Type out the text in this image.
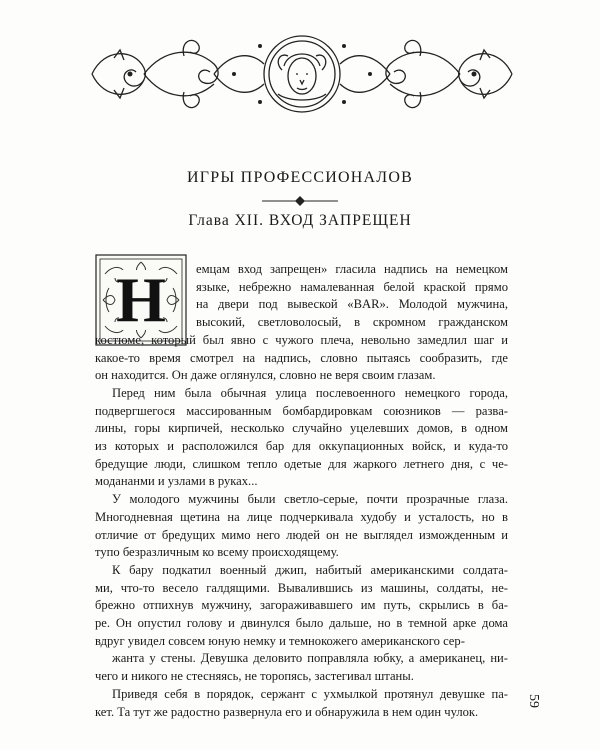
ИГРЫ ПРОФЕССИОНАЛОВ
Глава XII. ВХОД ЗАПРЕЩЕН
Н
59
емцам вход запрещен» гласила надпись на немецком
языке, небрежно намалеванная белой краской прямо
на двери под вывеской «BAR». Молодой мужчина,
высокий, светловолосый, в скромном гражданском
костюме, который был явно с чужого плеча, невольно замедлил шаг и
какое-то время смотрел на надпись, словно пытаясь сообразить, где
он находится. Он даже оглянулся, словно не веря своим глазам.
Перед ним была обычная улица послевоенного немецкого города,
подвергшегося массированным бомбардировкам союзников — разва-
лины, горы кирпичей, несколько случайно уцелевших домов, в одном
из которых и расположился бар для оккупационных войск, и куда-то
бредущие люди, слишком тепло одетые для жаркого летнего дня, с че-
модананми и узлами в руках...
У молодого мужчины были светло-серые, почти прозрачные глаза.
Многодневная щетина на лице подчеркивала худобу и усталость, но в
отличие от бредущих мимо него людей он не выглядел изможденным и
тупо безразличным ко всему происходящему.
К бару подкатил военный джип, набитый американскими солдата-
ми, что-то весело галдящими. Вывалившись из машины, солдаты, не-
брежно отпихнув мужчину, загораживавшего им путь, скрылись в ба-
ре. Он опустил голову и двинулся было дальше, но в темной арке дома
вдруг увидел совсем юную немку и темнокожего американского сер-
жанта у стены. Девушка деловито поправляла юбку, а американец, ни-
чего и никого не стесняясь, не торопясь, застегивал штаны.
Приведя себя в порядок, сержант с ухмылкой протянул девушке па-
кет. Та тут же радостно развернула его и обнаружила в нем один чулок.
